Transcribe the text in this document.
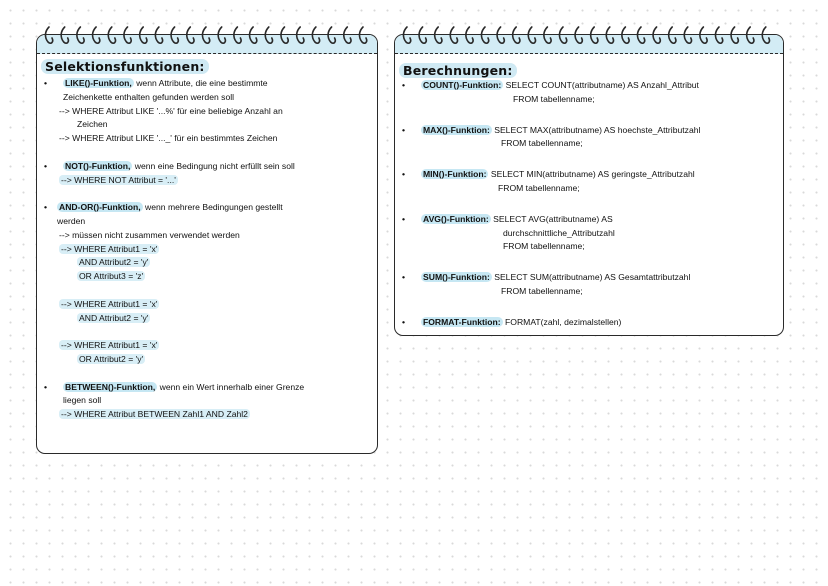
Selektionsfunktionen:
• LIKE()-Funktion, wenn Attribute, die eine bestimmte
Zeichenkette enthalten gefunden werden soll
--> WHERE Attribut LIKE '...%' für eine beliebige Anzahl an
Zeichen
--> WHERE Attribut LIKE '..._' für ein bestimmtes Zeichen
• NOT()-Funktion, wenn eine Bedingung nicht erfüllt sein soll
--> WHERE NOT Attribut = '...'
• AND-OR()-Funktion, wenn mehrere Bedingungen gestellt
werden
--> müssen nicht zusammen verwendet werden
--> WHERE Attribut1 = 'x'
AND Attribut2 = 'y'
OR Attribut3 = 'z'
--> WHERE Attribut1 = 'x'
AND Attribut2 = 'y'
--> WHERE Attribut1 = 'x'
OR Attribut2 = 'y'
• BETWEEN()-Funktion, wenn ein Wert innerhalb einer Grenze
liegen soll
--> WHERE Attribut BETWEEN Zahl1 AND Zahl2
Berechnungen:
• COUNT()-Funktion: SELECT COUNT(attributname) AS Anzahl_Attribut
FROM tabellenname;
• MAX()-Funktion: SELECT MAX(attributname) AS hoechste_Attributzahl
FROM tabellenname;
• MIN()-Funktion: SELECT MIN(attributname) AS geringste_Attributzahl
FROM tabellenname;
• AVG()-Funktion: SELECT AVG(attributname) AS
durchschnittliche_Attributzahl
FROM tabellenname;
• SUM()-Funktion: SELECT SUM(attributname) AS Gesamtattributzahl
FROM tabellenname;
• FORMAT-Funktion: FORMAT(zahl, dezimalstellen)
